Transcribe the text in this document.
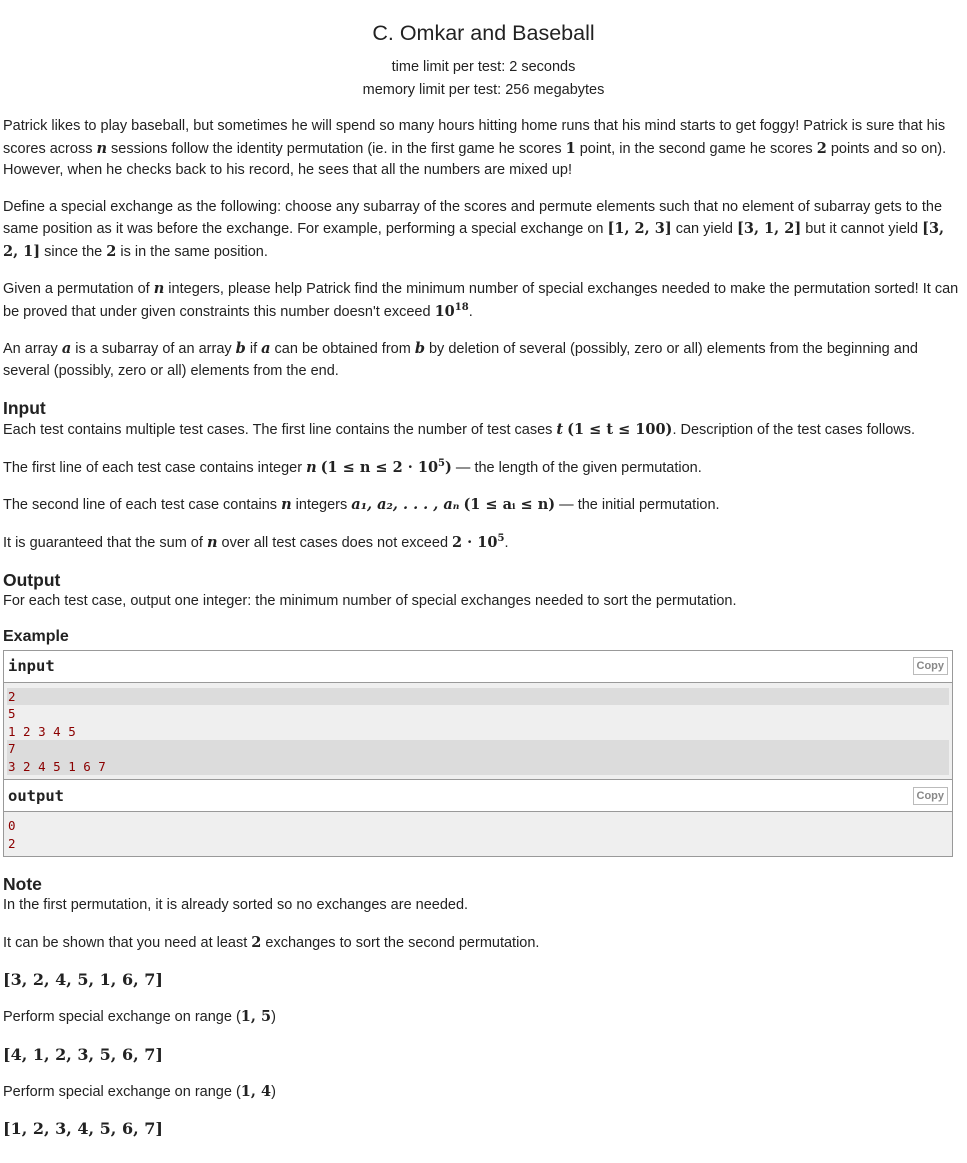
C. Omkar and Baseball
time limit per test: 2 seconds
memory limit per test: 256 megabytes

Patrick likes to play baseball, but sometimes he will spend so many hours hitting home runs that his mind starts to get foggy! Patrick is sure that his scores across n sessions follow the identity permutation (ie. in the first game he scores 1 point, in the second game he scores 2 points and so on). However, when he checks back to his record, he sees that all the numbers are mixed up!

Define a special exchange as the following: choose any subarray of the scores and permute elements such that no element of subarray gets to the same position as it was before the exchange. For example, performing a special exchange on [1, 2, 3] can yield [3, 1, 2] but it cannot yield [3, 2, 1] since the 2 is in the same position.

Given a permutation of n integers, please help Patrick find the minimum number of special exchanges needed to make the permutation sorted! It can be proved that under given constraints this number doesn't exceed $10^{18}$.

An array a is a subarray of an array b if a can be obtained from b by deletion of several (possibly, zero or all) elements from the beginning and several (possibly, zero or all) elements from the end.

Input

Each test contains multiple test cases. The first line contains the number of test cases t (1 ≤ t ≤ 100). Description of the test cases follows.

The first line of each test case contains integer n $(1 \le n \le 2 \cdot 10^5)$ — the length of the given permutation.

The second line of each test case contains n integers a₁, a₂, . . . , aₙ (1 ≤ aᵢ ≤ n) — the initial permutation.

It is guaranteed that the sum of n over all test cases does not exceed $2 \cdot 10^5$.

Output

For each test case, output one integer: the minimum number of special exchanges needed to sort the permutation.

Example
input	Copy
2
5
1 2 3 4 5
7
3 2 4 5 1 6 7
output	Copy
0
2
Note

In the first permutation, it is already sorted so no exchanges are needed.

It can be shown that you need at least 2 exchanges to sort the second permutation.

[3, 2, 4, 5, 1, 6, 7]

Perform special exchange on range (1, 5)

[4, 1, 2, 3, 5, 6, 7]

Perform special exchange on range (1, 4)

[1, 2, 3, 4, 5, 6, 7]
